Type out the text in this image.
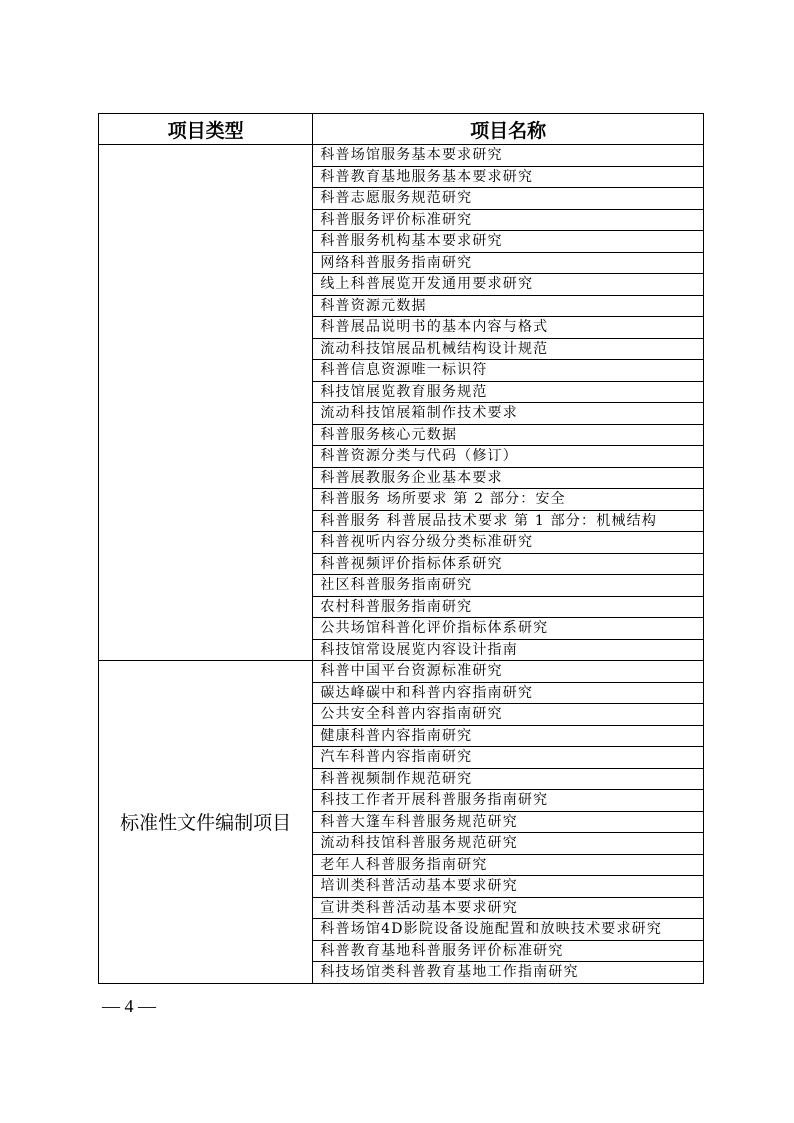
项目类型	项目名称
	科普场馆服务基本要求研究
	科普教育基地服务基本要求研究
	科普志愿服务规范研究
	科普服务评价标准研究
	科普服务机构基本要求研究
	网络科普服务指南研究
	线上科普展览开发通用要求研究
	科普资源元数据
	科普展品说明书的基本内容与格式
	流动科技馆展品机械结构设计规范
	科普信息资源唯一标识符
	科技馆展览教育服务规范
	流动科技馆展箱制作技术要求
	科普服务核心元数据
	科普资源分类与代码（修订）
	科普展教服务企业基本要求
	科普服务 场所要求 第 2 部分：安全
	科普服务 科普展品技术要求 第 1 部分：机械结构
	科普视听内容分级分类标准研究
	科普视频评价指标体系研究
	社区科普服务指南研究
	农村科普服务指南研究
	公共场馆科普化评价指标体系研究
	科技馆常设展览内容设计指南
标准性文件编制项目	科普中国平台资源标准研究
	碳达峰碳中和科普内容指南研究
	公共安全科普内容指南研究
	健康科普内容指南研究
	汽车科普内容指南研究
	科普视频制作规范研究
	科技工作者开展科普服务指南研究
	科普大篷车科普服务规范研究
	流动科技馆科普服务规范研究
	老年人科普服务指南研究
	培训类科普活动基本要求研究
	宣讲类科普活动基本要求研究
	科普场馆4D影院设备设施配置和放映技术要求研究
	科普教育基地科普服务评价标准研究
	科技场馆类科普教育基地工作指南研究
— 4 —
